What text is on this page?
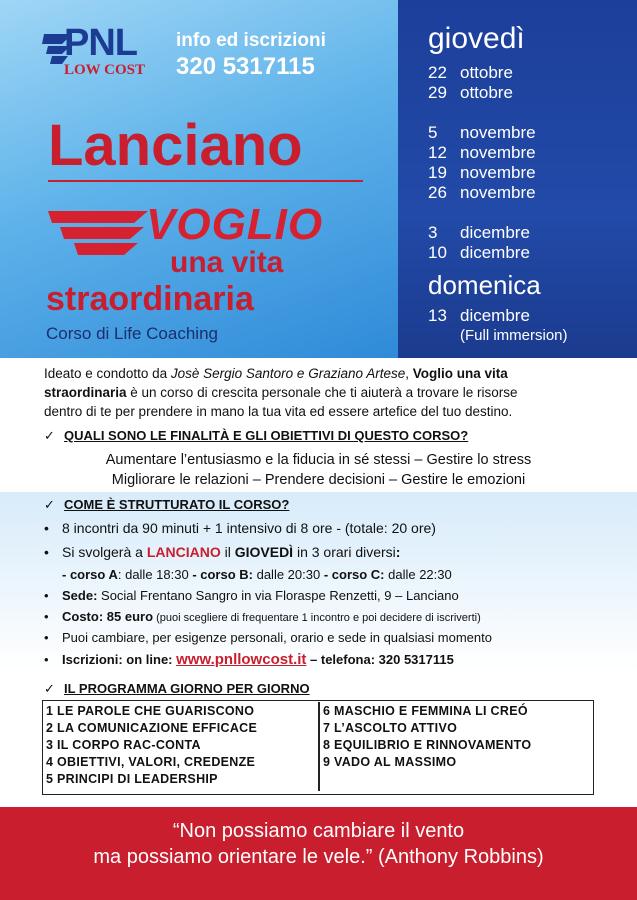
PNL
LOW COST
info ed iscrizioni
320 5317115
Lanciano
VOGLIO
una vita
straordinaria
Corso di Life Coaching
giovedì
22 ottobre
29 ottobre
5 novembre
12 novembre
19 novembre
26 novembre
3 dicembre
10 dicembre
domenica
13 dicembre
(Full immersion)
Ideato e condotto da Josè Sergio Santoro e Graziano Artese, Voglio una vita
straordinaria è un corso di crescita personale che ti aiuterà a trovare le risorse
dentro di te per prendere in mano la tua vita ed essere artefice del tuo destino.
✓ QUALI SONO LE FINALITÀ E GLI OBIETTIVI DI QUESTO CORSO?
Aumentare l’entusiasmo e la fiducia in sé stessi – Gestire lo stress
Migliorare le relazioni – Prendere decisioni – Gestire le emozioni
✓ COME È STRUTTURATO IL CORSO?
• 8 incontri da 90 minuti + 1 intensivo di 8 ore - (totale: 20 ore)
• Si svolgerà a LANCIANO il GIOVEDÌ in 3 orari diversi:
- corso A: dalle 18:30 - corso B: dalle 20:30 - corso C: dalle 22:30
• Sede: Social Frentano Sangro in via Floraspe Renzetti, 9 – Lanciano
• Costo: 85 euro (puoi scegliere di frequentare 1 incontro e poi decidere di iscriverti)
• Puoi cambiare, per esigenze personali, orario e sede in qualsiasi momento
• Iscrizioni: on line: www.pnllowcost.it – telefona: 320 5317115
✓ IL PROGRAMMA GIORNO PER GIORNO
1 LE PAROLE CHE GUARISCONO
2 LA COMUNICAZIONE EFFICACE
3 IL CORPO RAC-CONTA
4 OBIETTIVI, VALORI, CREDENZE
5 PRINCIPI DI LEADERSHIP
6 MASCHIO E FEMMINA LI CREÓ
7 L’ASCOLTO ATTIVO
8 EQUILIBRIO E RINNOVAMENTO
9 VADO AL MASSIMO
“Non possiamo cambiare il vento
ma possiamo orientare le vele.” (Anthony Robbins)
